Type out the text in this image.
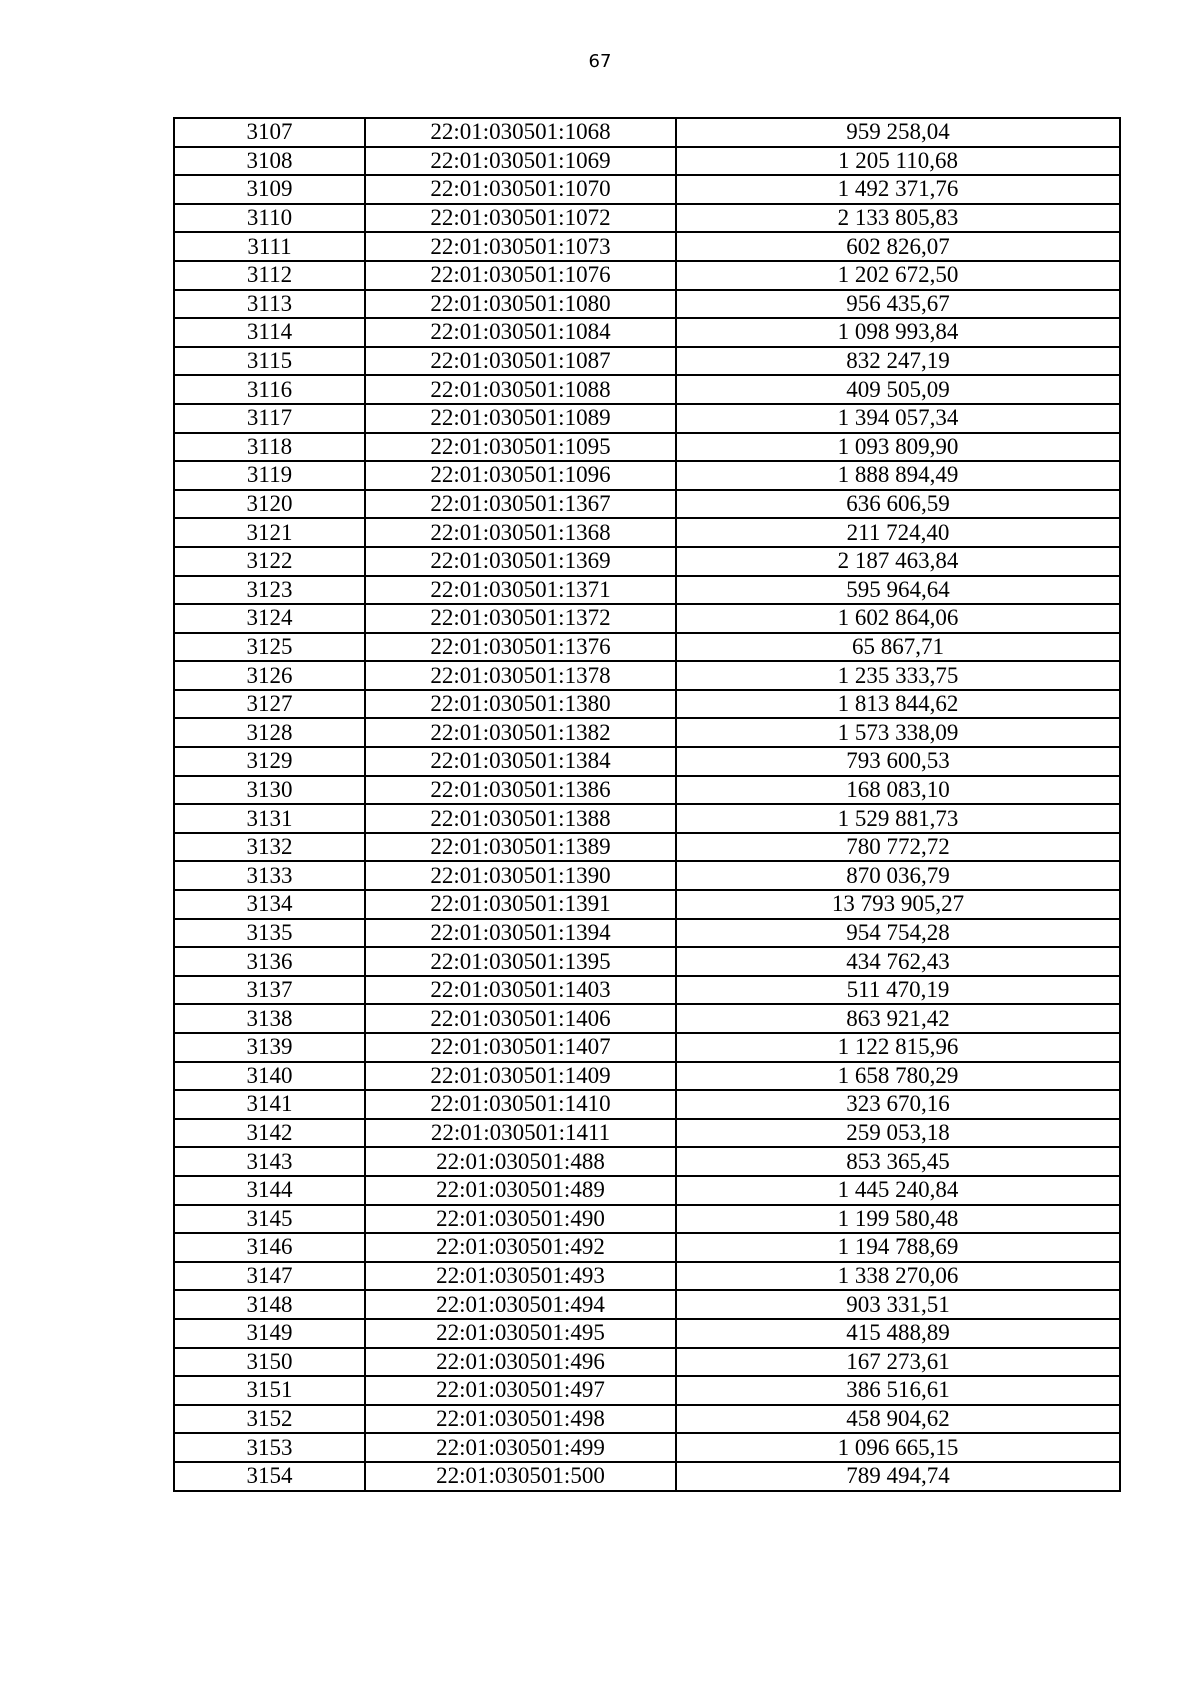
67
3107	22:01:030501:1068	959 258,04
3108	22:01:030501:1069	1 205 110,68
3109	22:01:030501:1070	1 492 371,76
3110	22:01:030501:1072	2 133 805,83
3111	22:01:030501:1073	602 826,07
3112	22:01:030501:1076	1 202 672,50
3113	22:01:030501:1080	956 435,67
3114	22:01:030501:1084	1 098 993,84
3115	22:01:030501:1087	832 247,19
3116	22:01:030501:1088	409 505,09
3117	22:01:030501:1089	1 394 057,34
3118	22:01:030501:1095	1 093 809,90
3119	22:01:030501:1096	1 888 894,49
3120	22:01:030501:1367	636 606,59
3121	22:01:030501:1368	211 724,40
3122	22:01:030501:1369	2 187 463,84
3123	22:01:030501:1371	595 964,64
3124	22:01:030501:1372	1 602 864,06
3125	22:01:030501:1376	65 867,71
3126	22:01:030501:1378	1 235 333,75
3127	22:01:030501:1380	1 813 844,62
3128	22:01:030501:1382	1 573 338,09
3129	22:01:030501:1384	793 600,53
3130	22:01:030501:1386	168 083,10
3131	22:01:030501:1388	1 529 881,73
3132	22:01:030501:1389	780 772,72
3133	22:01:030501:1390	870 036,79
3134	22:01:030501:1391	13 793 905,27
3135	22:01:030501:1394	954 754,28
3136	22:01:030501:1395	434 762,43
3137	22:01:030501:1403	511 470,19
3138	22:01:030501:1406	863 921,42
3139	22:01:030501:1407	1 122 815,96
3140	22:01:030501:1409	1 658 780,29
3141	22:01:030501:1410	323 670,16
3142	22:01:030501:1411	259 053,18
3143	22:01:030501:488	853 365,45
3144	22:01:030501:489	1 445 240,84
3145	22:01:030501:490	1 199 580,48
3146	22:01:030501:492	1 194 788,69
3147	22:01:030501:493	1 338 270,06
3148	22:01:030501:494	903 331,51
3149	22:01:030501:495	415 488,89
3150	22:01:030501:496	167 273,61
3151	22:01:030501:497	386 516,61
3152	22:01:030501:498	458 904,62
3153	22:01:030501:499	1 096 665,15
3154	22:01:030501:500	789 494,74
